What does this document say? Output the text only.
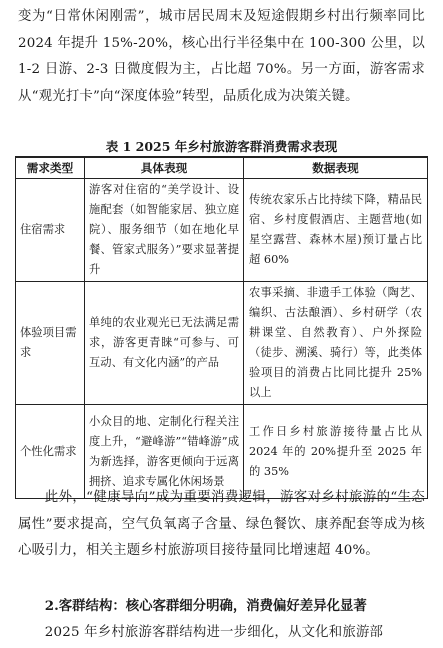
变为“日常休闲刚需”，城市居民周末及短途假期乡村出行频率同比 2024 年提升 15%-20%，核心出行半径集中在 100-300 公里，以 1-2 日游、2-3 日微度假为主，占比超 70%。另一方面，游客需求从“观光打卡”向“深度体验”转型，品质化成为决策关键。

表 1 2025 年乡村旅游客群消费需求表现
需求类型	具体表现	数据表现
住宿需求	游客对住宿的“美学设计、设施配套（如智能家居、独立庭院）、服务细节（如在地化早餐、管家式服务）”要求显著提升	传统农家乐占比持续下降，精品民宿、乡村度假酒店、主题营地(如星空露营、森林木屋)预订量占比超 60%
体验项目需求	单纯的农业观光已无法满足需求，游客更青睐“可参与、可互动、有文化内涵”的产品	农事采摘、非遗手工体验（陶艺、编织、古法酿酒）、乡村研学（农耕课堂、自然教育）、户外探险（徒步、溯溪、骑行）等，此类体验项目的消费占比同比提升 25%以上
个性化需求	小众目的地、定制化行程关注度上升，“避峰游”“错峰游”成为新选择，游客更倾向于远离拥挤、追求专属化休闲场景	工作日乡村旅游接待量占比从 2024 年的 20%提升至 2025 年的 35%

此外，“健康导向”成为重要消费逻辑，游客对乡村旅游的“生态属性”要求提高，空气负氧离子含量、绿色餐饮、康养配套等成为核心吸引力，相关主题乡村旅游项目接待量同比增速超 40%。

2.客群结构：核心客群细分明确，消费偏好差异化显著

2025 年乡村旅游客群结构进一步细化，从文化和旅游部
